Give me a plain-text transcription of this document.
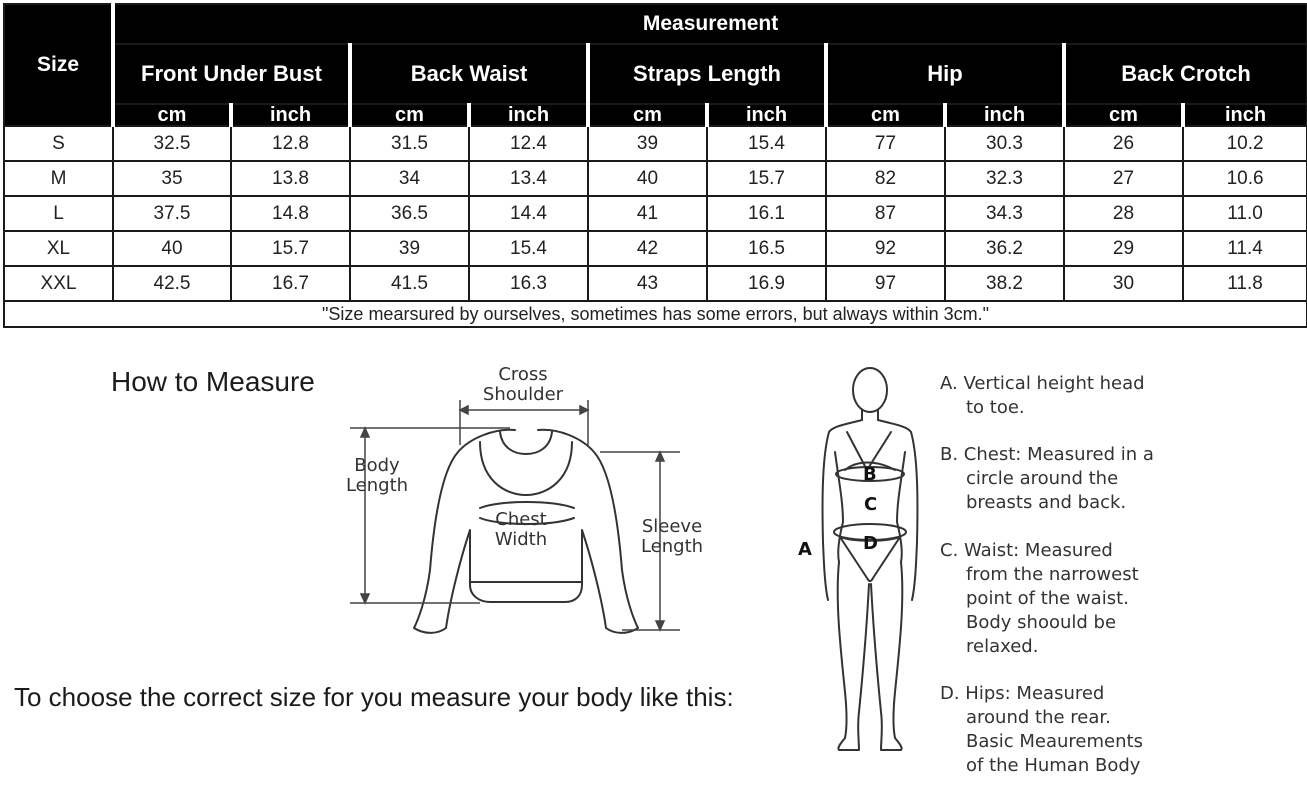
Size	Measurement									
	Front Under Bust		Back Waist		Straps Length		Hip		Back Crotch	
	cm	inch	cm	inch	cm	inch	cm	inch	cm	inch
S	32.5	12.8	31.5	12.4	39	15.4	77	30.3	26	10.2
M	35	13.8	34	13.4	40	15.7	82	32.3	27	10.6
L	37.5	14.8	36.5	14.4	41	16.1	87	34.3	28	11.0
XL	40	15.7	39	15.4	42	16.5	92	36.2	29	11.4
XXL	42.5	16.7	41.5	16.3	43	16.9	97	38.2	30	11.8
"Size mearsured by ourselves, sometimes has some errors, but always within 3cm."										
How to Measure
To choose the correct size for you measure your body like this:
Cross
Shoulder
Body
Length
Chest
Width
Sleeve
Length
B
C
D
A
A. Vertical height head
to toe.
B. Chest: Measured in a
circle around the
breasts and back.
C. Waist: Measured
from the narrowest
point of the waist.
Body shoould be
relaxed.
D. Hips: Measured
around the rear.
Basic Meaurements
of the Human Body
